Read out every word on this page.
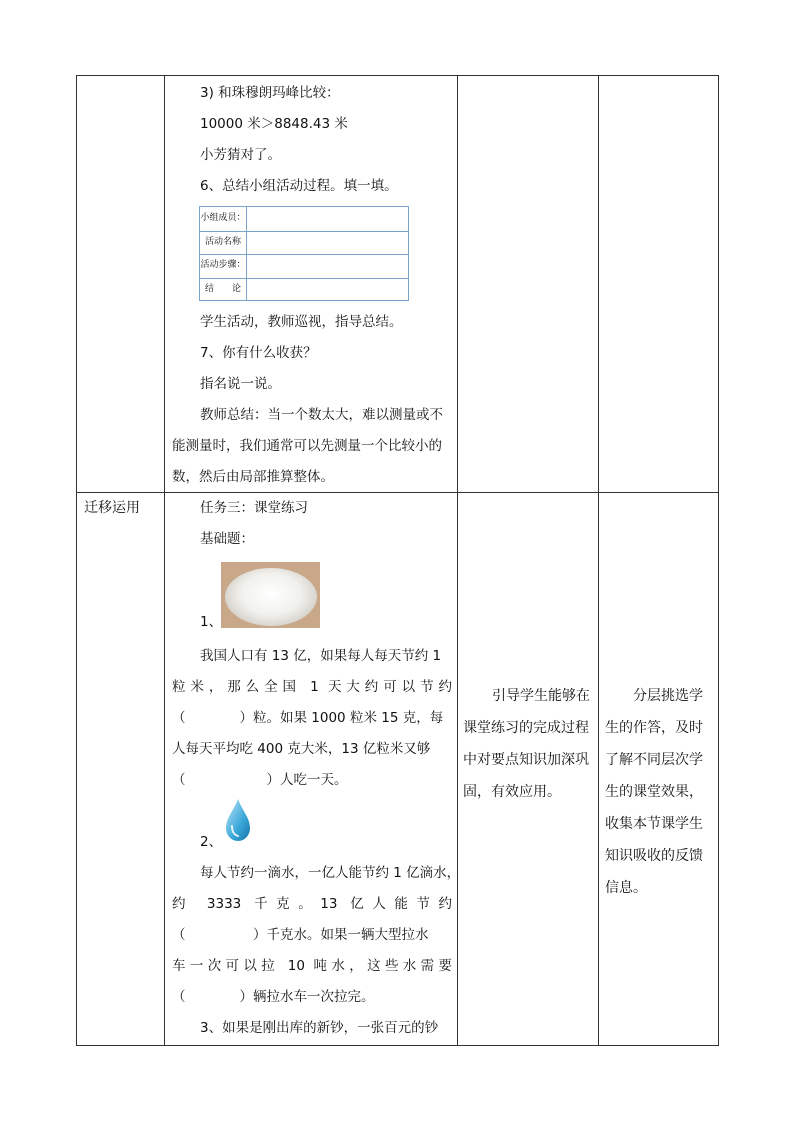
迁移运用
3) 和珠穆朗玛峰比较：
10000 米＞8848.43 米
小芳猜对了。
6、总结小组活动过程。填一填。
小组成员：
活动名称
活动步骤：
结　　论
学生活动，教师巡视，指导总结。
7、你有什么收获？
指名说一说。
教师总结：当一个数太大，难以测量或不
能测量时，我们通常可以先测量一个比较小的
数，然后由局部推算整体。
任务三：课堂练习
基础题：
1、
我国人口有 13 亿，如果每人每天节约 1
粒米，那么全国 1 天大约可以节约
（　　　　）粒。如果 1000 粒米 15 克，每
人每天平均吃 400 克大米，13 亿粒米又够
（　　　　　　）人吃一天。
2、
每人节约一滴水，一亿人能节约 1 亿滴水，
约 3333 千克。13 亿人能节约
（　　　　　）千克水。如果一辆大型拉水
车一次可以拉 10 吨水，这些水需要
（　　　　）辆拉水车一次拉完。
3、如果是刚出库的新钞，一张百元的钞
引导学生能够在
课堂练习的完成过程
中对要点知识加深巩
固，有效应用。
分层挑选学
生的作答，及时
了解不同层次学
生的课堂效果，
收集本节课学生
知识吸收的反馈
信息。
